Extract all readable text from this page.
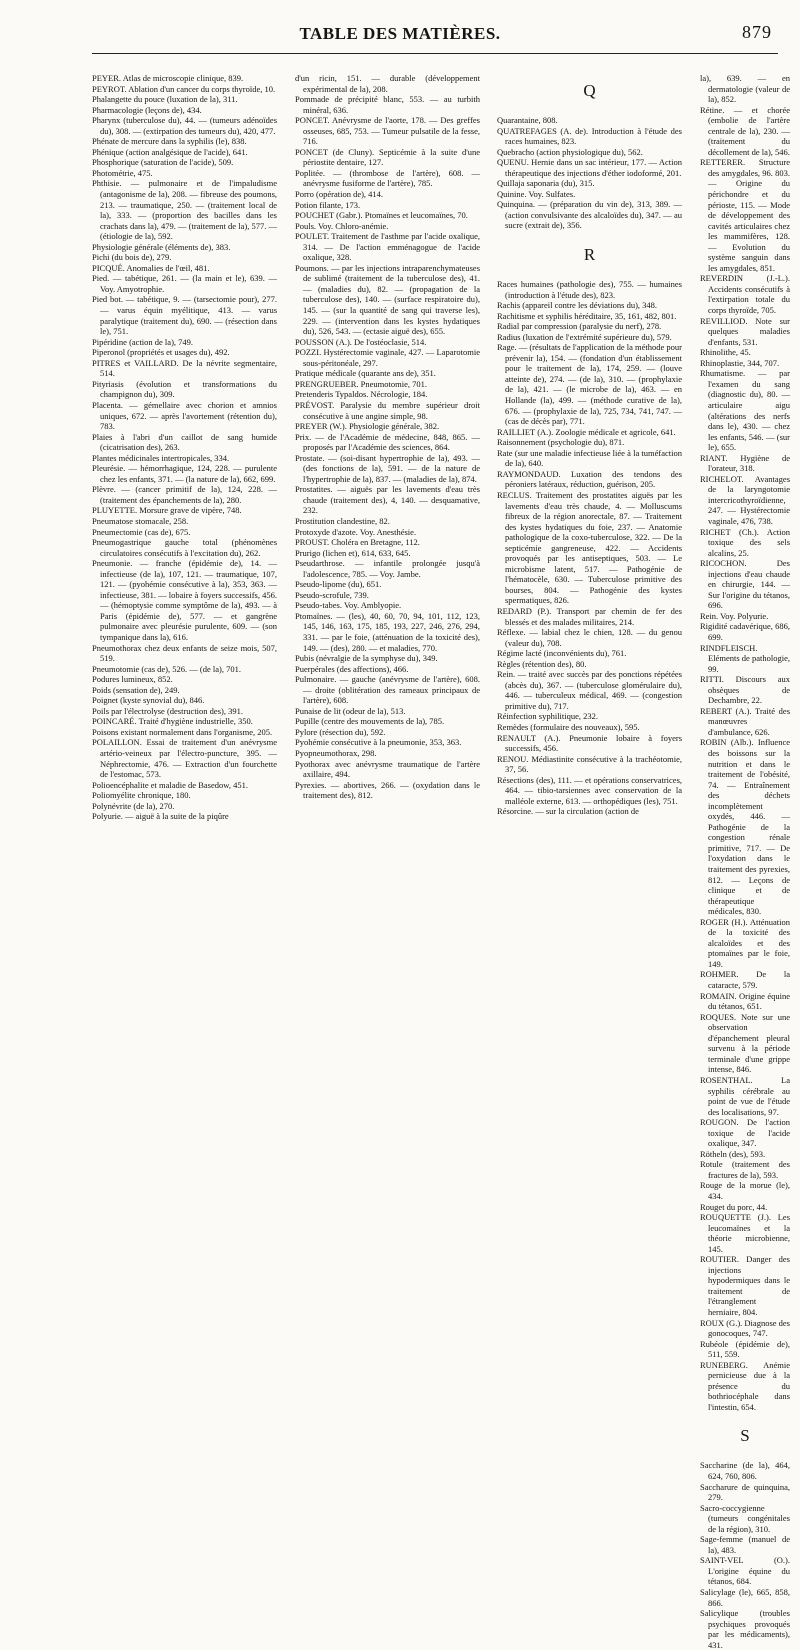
TABLE DES MATIÈRES.	879

PEYER. Atlas de microscopie clinique, 839.

PEYROT. Ablation d'un cancer du corps thyroïde, 10.

Phalangette du pouce (luxation de la), 311.

Pharmacologie (leçons de), 434.

Pharynx (tuberculose du), 44. — (tumeurs adénoïdes du), 308. — (extirpation des tumeurs du), 420, 477.

Phénate de mercure dans la syphilis (le), 838.

Phénique (action analgésique de l'acide), 641.

Phosphorique (saturation de l'acide), 509.

Photométrie, 475.

Phthisie. — pulmonaire et de l'impaludisme (antagonisme de la), 208. — fibreuse des poumons, 213. — traumatique, 250. — (traitement local de la), 333. — (proportion des bacilles dans les crachats dans la), 479. — (traitement de la), 577. — (étiologie de la), 592.

Physiologie générale (éléments de), 383.

Pichi (du bois de), 279.

PICQUÉ. Anomalies de l'œil, 481.

Pied. — tabétique, 261. — (la main et le), 639. — Voy. Amyotrophie.

Pied bot. — tabétique, 9. — (tarsectomie pour), 277. — varus équin myélitique, 413. — varus paralytique (traitement du), 690. — (résection dans le), 751.

Pipéridine (action de la), 749.

Piperonol (propriétés et usages du), 492.

PITRES et VAILLARD. De la névrite segmentaire, 514.

Pityriasis (évolution et transformations du champignon du), 309.

Placenta. — gémellaire avec chorion et amnios uniques, 672. — après l'avortement (rétention du), 783.

Plaies à l'abri d'un caillot de sang humide (cicatrisation des), 263.

Plantes médicinales intertropicales, 334.

Pleurésie. — hémorrhagique, 124, 228. — purulente chez les enfants, 371. — (la nature de la), 662, 699.

Plèvre. — (cancer primitif de la), 124, 228. — (traitement des épanchements de la), 280.

PLUYETTE. Morsure grave de vipère, 748.

Pneumatose stomacale, 258.

Pneumectomie (cas de), 675.

Pneumogastrique gauche total (phénomènes circulatoires consécutifs à l'excitation du), 262.

Pneumonie. — franche (épidémie de), 14. — infectieuse (de la), 107, 121. — traumatique, 107, 121. — (pyohémie consécutive à la), 353, 363. — infectieuse, 381. — lobaire à foyers successifs, 456. — (hémoptysie comme symptôme de la), 493. — à Paris (épidémie de), 577. — et gangrène pulmonaire avec pleurésie purulente, 609. — (son tympanique dans la), 616.

Pneumothorax chez deux enfants de seize mois, 507, 519.

Pneumotomie (cas de), 526. — (de la), 701.

Podures lumineux, 852.

Poids (sensation de), 249.

Poignet (kyste synovial du), 846.

Poils par l'électrolyse (destruction des), 391.

POINCARÉ. Traité d'hygiène industrielle, 350.

Poisons existant normalement dans l'organisme, 205.

POLAILLON. Essai de traitement d'un anévrysme artério-veineux par l'électro-puncture, 395. — Néphrectomie, 476. — Extraction d'un fourchette de l'estomac, 573.

Polioencéphalite et maladie de Basedow, 451.

Poliomyélite chronique, 180.

Polynévrite (de la), 270.

Polyurie. — aiguë à la suite de la piqûre

d'un ricin, 151. — durable (développement expérimental de la), 208.

Pommade de précipité blanc, 553. — au turbith minéral, 636.

PONCET. Anévrysme de l'aorte, 178. — Des greffes osseuses, 685, 753. — Tumeur pulsatile de la fesse, 716.

PONCET (de Cluny). Septicémie à la suite d'une périostite dentaire, 127.

Poplitée. — (thrombose de l'artère), 608. — anévrysme fusiforme de l'artère), 785.

Porro (opération de), 414.

Potion filante, 173.

POUCHET (Gabr.). Ptomaïnes et leucomaïnes, 70.

Pouls. Voy. Chloro-anémie.

POULET. Traitement de l'asthme par l'acide oxalique, 314. — De l'action emménagogue de l'acide oxalique, 328.

Poumons. — par les injections intraparenchymateuses de sublimé (traitement de la tuberculose des), 41. — (maladies du), 82. — (propagation de la tuberculose des), 140. — (surface respiratoire du), 145. — (sur la quantité de sang qui traverse les), 229. — (intervention dans les kystes hydatiques du), 526, 543. — (ectasie aiguë des), 655.

POUSSON (A.). De l'ostéoclasie, 514.

POZZI. Hystérectomie vaginale, 427. — Laparotomie sous-péritonéale, 297.

Pratique médicale (quarante ans de), 351.

PRENGRUEBER. Pneumotomie, 701.

Pretenderis Typaldos. Nécrologie, 184.

PRÉVOST. Paralysie du membre supérieur droit consécutive à une angine simple, 98.

PREYER (W.). Physiologie générale, 382.

Prix. — de l'Académie de médecine, 848, 865. — proposés par l'Académie des sciences, 864.

Prostate. — (soi-disant hypertrophie de la), 493. — (des fonctions de la), 591. — de la nature de l'hypertrophie de la), 837. — (maladies de la), 874.

Prostatites. — aiguës par les lavements d'eau très chaude (traitement des), 4, 140. — desquamative, 232.

Prostitution clandestine, 82.

Protoxyde d'azote. Voy. Anesthésie.

PROUST. Choléra en Bretagne, 112.

Prurigo (lichen et), 614, 633, 645.

Pseudarthrose. — infantile prolongée jusqu'à l'adolescence, 785. — Voy. Jambe.

Pseudo-lipome (du), 651.

Pseudo-scrofule, 739.

Pseudo-tabes. Voy. Amblyopie.

Ptomaïnes. — (les), 40, 60, 70, 94, 101, 112, 123, 145, 146, 163, 175, 185, 193, 227, 246, 276, 294, 331. — par le foie, (atténuation de la toxicité des), 149. — (des), 280. — et maladies, 770.

Pubis (névralgie de la symphyse du), 349.

Puerpérales (des affections), 466.

Pulmonaire. — gauche (anévrysme de l'artère), 608. — droite (oblitération des rameaux principaux de l'artère), 608.

Punaise de lit (odeur de la), 513.

Pupille (centre des mouvements de la), 785.

Pylore (résection du), 592.

Pyohémie consécutive à la pneumonie, 353, 363.

Pyopneumothorax, 298.

Pyothorax avec anévrysme traumatique de l'artère axillaire, 494.

Pyrexies. — abortives, 266. — (oxydation dans le traitement des), 812.

Q

Quarantaine, 808.

QUATREFAGES (A. de). Introduction à l'étude des races humaines, 823.

Quebracho (action physiologique du), 562.

QUENU. Hernie dans un sac intérieur, 177. — Action thérapeutique des injections d'éther iodoformé, 201.

Quillaja saponaria (du), 315.

Quinine. Voy. Sulfates.

Quinquina. — (préparation du vin de), 313, 389. — (action convulsivante des alcaloïdes du), 347. — au sucre (extrait de), 356.

R

Races humaines (pathologie des), 755. — humaines (introduction à l'étude des), 823.

Rachis (appareil contre les déviations du), 348.

Rachitisme et syphilis héréditaire, 35, 161, 482, 801.

Radial par compression (paralysie du nerf), 278.

Radius (luxation de l'extrémité supérieure du), 579.

Rage. — (résultats de l'application de la méthode pour prévenir la), 154. — (fondation d'un établissement pour le traitement de la), 174, 259. — (louve atteinte de), 274. — (de la), 310. — (prophylaxie de la), 421. — (le microbe de la), 463. — en Hollande (la), 499. — (méthode curative de la), 676. — (prophylaxie de la), 725, 734, 741, 747. — (cas de décès par), 771.

RAILLIET (A.). Zoologie médicale et agricole, 641.

Raisonnement (psychologie du), 871.

Rate (sur une maladie infectieuse liée à la tuméfaction de la), 640.

RAYMONDAUD. Luxation des tendons des péroniers latéraux, réduction, guérison, 205.

RECLUS. Traitement des prostatites aiguës par les lavements d'eau très chaude, 4. — Molluscums fibreux de la région anorectale, 87. — Traitement des kystes hydatiques du foie, 237. — Anatomie pathologique de la coxo-tuberculose, 322. — De la septicémie gangreneuse, 422. — Accidents provoqués par les antiseptiques, 503. — Le microbisme latent, 517. — Pathogénie de l'hématocèle, 630. — Tuberculose primitive des bourses, 804. — Pathogénie des kystes spermatiques, 826.

REDARD (P.). Transport par chemin de fer des blessés et des malades militaires, 214.

Réflexe. — labial chez le chien, 128. — du genou (valeur du), 708.

Régime lacté (inconvénients du), 761.

Règles (rétention des), 80.

Rein. — traité avec succès par des ponctions répétées (abcès du), 367. — (tuberculose glomérulaire du), 446. — tuberculeux médical, 469. — (congestion primitive du), 717.

Réinfection syphilitique, 232.

Remèdes (formulaire des nouveaux), 595.

RENAULT (A.). Pneumonie lobaire à foyers successifs, 456.

RENOU. Médiastinite consécutive à la trachéotomie, 37, 56.

Résections (des), 111. — et opérations conservatrices, 464. — tibio-tarsiennes avec conservation de la malléole externe, 613. — orthopédiques (les), 751.

Résorcine. — sur la circulation (action de

la), 639. — en dermatologie (valeur de la), 852.

Rétine. — et chorée (embolie de l'artère centrale de la), 230. — (traitement du décollement de la), 546.

RETTERER. Structure des amygdales, 96. 803. — Origine du périchondre et du périoste, 115. — Mode de développement des cavités articulaires chez les mammifères, 128. — Evolution du système sanguin dans les amygdales, 851.

REVERDIN (J.-L.). Accidents consécutifs à l'extirpation totale du corps thyroïde, 705.

REVILLIOD. Note sur quelques maladies d'enfants, 531.

Rhinolithe, 45.

Rhinoplastie, 344, 707.

Rhumatisme. — par l'examen du sang (diagnostic du), 80. — articulaire aigu (altérations des nerfs dans le), 430. — chez les enfants, 546. — (sur le), 655.

RIANT. Hygiène de l'orateur, 318.

RICHELOT. Avantages de la laryngotomie intercricothyroïdienne, 247. — Hystérectomie vaginale, 476, 738.

RICHET (Ch.). Action toxique des sels alcalins, 25.

RICOCHON. Des injections d'eau chaude en chirurgie, 144. — Sur l'origine du tétanos, 696.

Rein. Voy. Polyurie.

Rigidité cadavérique, 686, 699.

RINDFLEISCH. Eléments de pathologie, 99.

RITTI. Discours aux obsèques de Dechambre, 22.

REBERT (A.). Traité des manœuvres d'ambulance, 626.

ROBIN (Alb.). Influence des boissons sur la nutrition et dans le traitement de l'obésité, 74. — Entraînement des déchets incomplètement oxydés, 446. — Pathogénie de la congestion rénale primitive, 717. — De l'oxydation dans le traitement des pyrexies, 812. — Leçons de clinique et de thérapeutique médicales, 830.

ROGER (H.). Atténuation de la toxicité des alcaloïdes et des ptomaïnes par le foie, 149.

ROHMER. De la cataracte, 579.

ROMAIN. Origine équine du tétanos, 651.

ROQUES. Note sur une observation d'épanchement pleural survenu à la période terminale d'une grippe intense, 846.

ROSENTHAL. La syphilis cérébrale au point de vue de l'étude des localisations, 97.

ROUGON. De l'action toxique de l'acide oxalique, 347.

Rötheln (des), 593.

Rotule (traitement des fractures de la), 593.

Rouge de la morue (le), 434.

Rouget du porc, 44.

ROUQUETTE (J.). Les leucomaïnes et la théorie microbienne, 145.

ROUTIER. Danger des injections hypodermiques dans le traitement de l'étranglement herniaire, 804.

ROUX (G.). Diagnose des gonocoques, 747.

Rubéole (épidémie de), 511, 559.

RUNEBERG. Anémie pernicieuse due à la présence du bothriocéphale dans l'intestin, 654.

S

Saccharine (de la), 464, 624, 760, 806.

Saccharure de quinquina, 279.

Sacro-coccygienne (tumeurs congénitales de la région), 310.

Sage-femme (manuel de la), 483.

SAINT-VEL (O.). L'origine équine du tétanos, 684.

Salicylage (le), 665, 858, 866.

Salicylique (troubles psychiques provoqués par les médicaments), 431.
